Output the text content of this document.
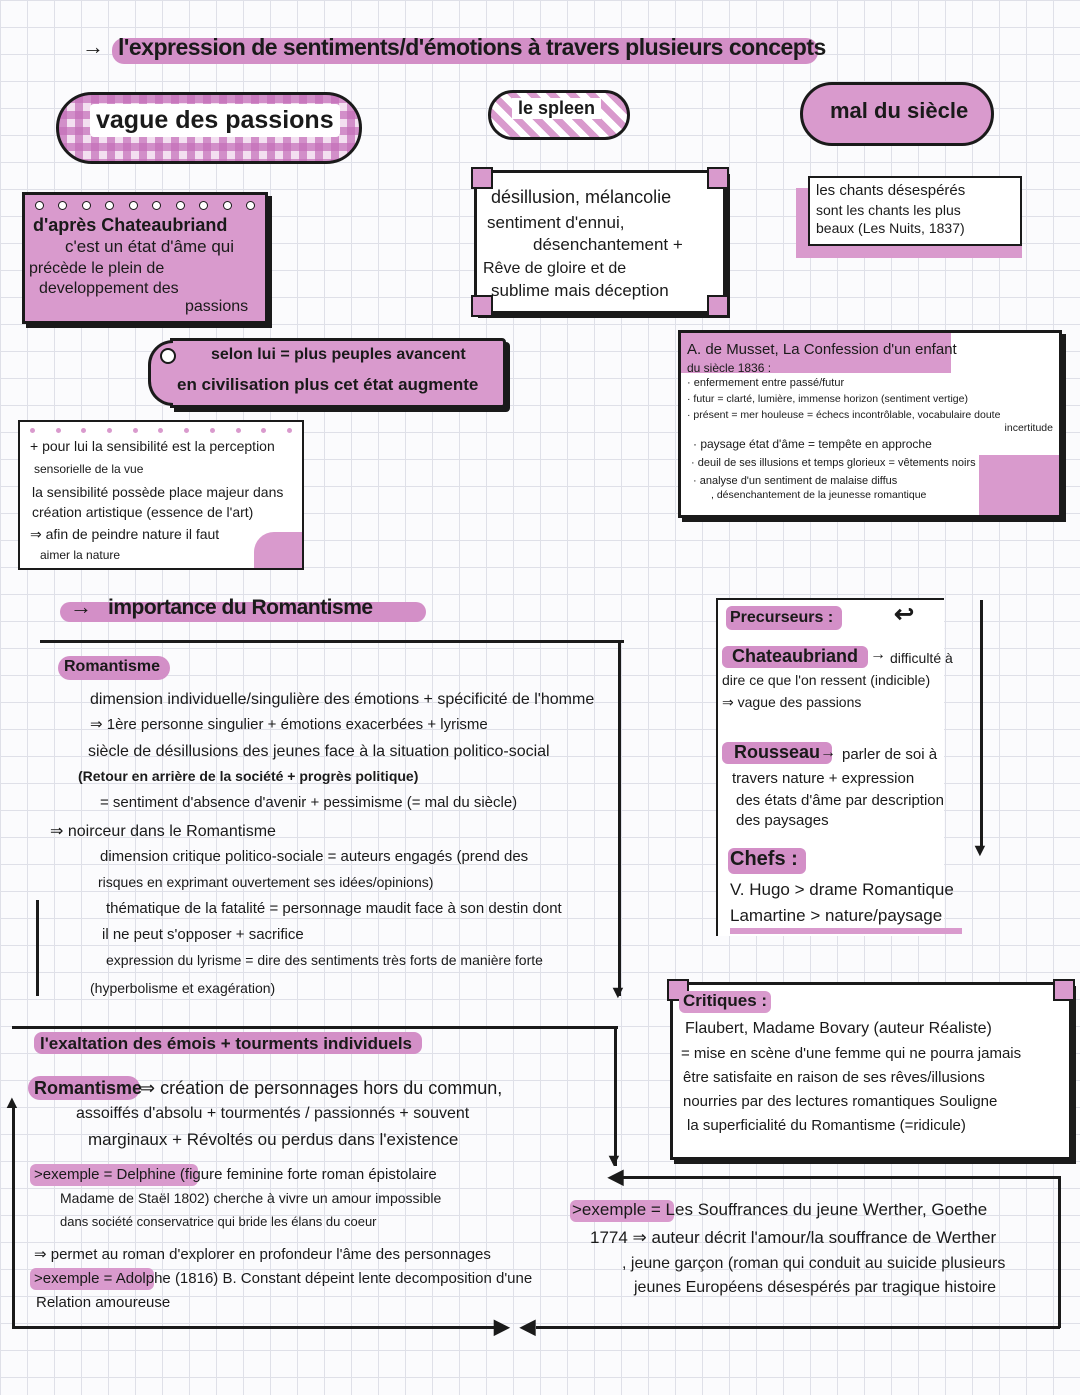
→ l'expression de sentiments/d'émotions à travers plusieurs concepts
vague des passions	le spleen	mal du siècle
d'après Chateaubriand
c'est un état d'âme qui
précède le plein de
developpement des
passions
selon lui = plus peuples avancent
en civilisation plus cet état augmente
+ pour lui la sensibilité est la perception
sensorielle de la vue
la sensibilité possède place majeur dans
création artistique (essence de l'art)
⇒ afin de peindre nature il faut
aimer la nature
désillusion, mélancolie
sentiment d'ennui,
désenchantement +
Rêve de gloire et de
sublime mais déception
les chants désespérés
sont les chants les plus
beaux (Les Nuits, 1837)
A. de Musset, La Confession d'un enfant
du siècle 1836 :
· enfermement entre passé/futur
· futur = clarté, lumière, immense horizon (sentiment vertige)
· présent = mer houleuse = échecs incontrôlable, vocabulaire doute
incertitude
· paysage état d'âme = tempête en approche
· deuil de ses illusions et temps glorieux = vêtements noirs
· analyse d'un sentiment de malaise diffus
, désenchantement de la jeunesse romantique
→ importance du Romantisme
▼
Romantisme
dimension individuelle/singulière des émotions + spécificité de l'homme
⇒ 1ère personne singulier + émotions exacerbées + lyrisme
siècle de désillusions des jeunes face à la situation politico-social
(Retour en arrière de la société + progrès politique)
= sentiment d'absence d'avenir + pessimisme (= mal du siècle)
⇒ noirceur dans le Romantisme
dimension critique politico-sociale = auteurs engagés (prend des
risques en exprimant ouvertement ses idées/opinions)
thématique de la fatalité = personnage maudit face à son destin dont
il ne peut s'opposer + sacrifice
expression du lyrisme = dire des sentiments très forts de manière forte
(hyperbolisme et exagération)
▼
↩
Precurseurs :
Chateaubriand → difficulté à
dire ce que l'on ressent (indicible)
⇒ vague des passions
Rousseau → parler de soi à
travers nature + expression
des états d'âme par description
des paysages
Chefs :
V. Hugo > drame Romantique
Lamartine > nature/paysage
▼
▲
▶ ◀
◀
l'exaltation des émois + tourments individuels
Romantisme
⇒ création de personnages hors du commun,
assoiffés d'absolu + tourmentés / passionnés + souvent
marginaux + Révoltés ou perdus dans l'existence
>exemple = Delphine (figure feminine forte roman épistolaire
Madame de Staël 1802) cherche à vivre un amour impossible
dans société conservatrice qui bride les élans du coeur
⇒ permet au roman d'explorer en profondeur l'âme des personnages
>exemple = Adolphe (1816) B. Constant dépeint lente decomposition d'une
Relation amoureuse
Critiques :
Flaubert, Madame Bovary (auteur Réaliste)
= mise en scène d'une femme qui ne pourra jamais
être satisfaite en raison de ses rêves/illusions
nourries par des lectures romantiques Souligne
la superficialité du Romantisme (=ridicule)
>exemple = Les Souffrances du jeune Werther, Goethe
1774 ⇒ auteur décrit l'amour/la souffrance de Werther
, jeune garçon (roman qui conduit au suicide plusieurs
jeunes Européens désespérés par tragique histoire
